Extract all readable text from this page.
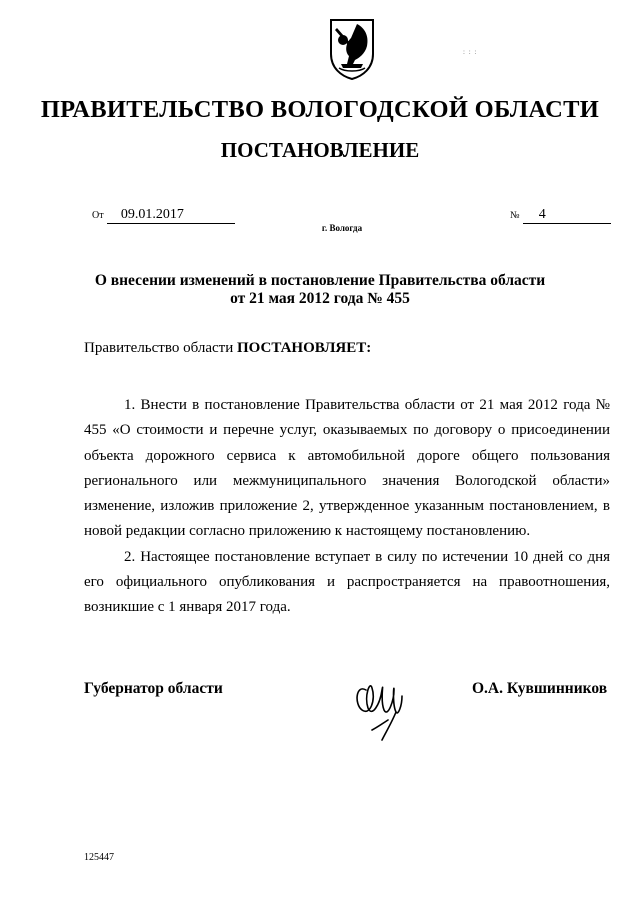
: : :
ПРАВИТЕЛЬСТВО ВОЛОГОДСКОЙ ОБЛАСТИ
ПОСТАНОВЛЕНИЕ
От 09.01.2017	№ 4
г. Вологда
О внесении изменений в постановление Правительства области
от 21 мая 2012 года № 455
Правительство области ПОСТАНОВЛЯЕТ:

1. Внести в постановление Правительства области от 21 мая 2012 года № 455 «О стоимости и перечне услуг, оказываемых по договору о присоединении объекта дорожного сервиса к автомобильной дороге общего пользования регионального или межмуниципального значения Вологодской области» изменение, изложив приложение 2, утвержденное указанным постановлением, в новой редакции согласно приложению к настоящему постановлению.

2. Настоящее постановление вступает в силу по истечении 10 дней со дня его официального опубликования и распространяется на правоотношения, возникшие с 1 января 2017 года.

Губернатор области	О.А. Кувшинников
125447
